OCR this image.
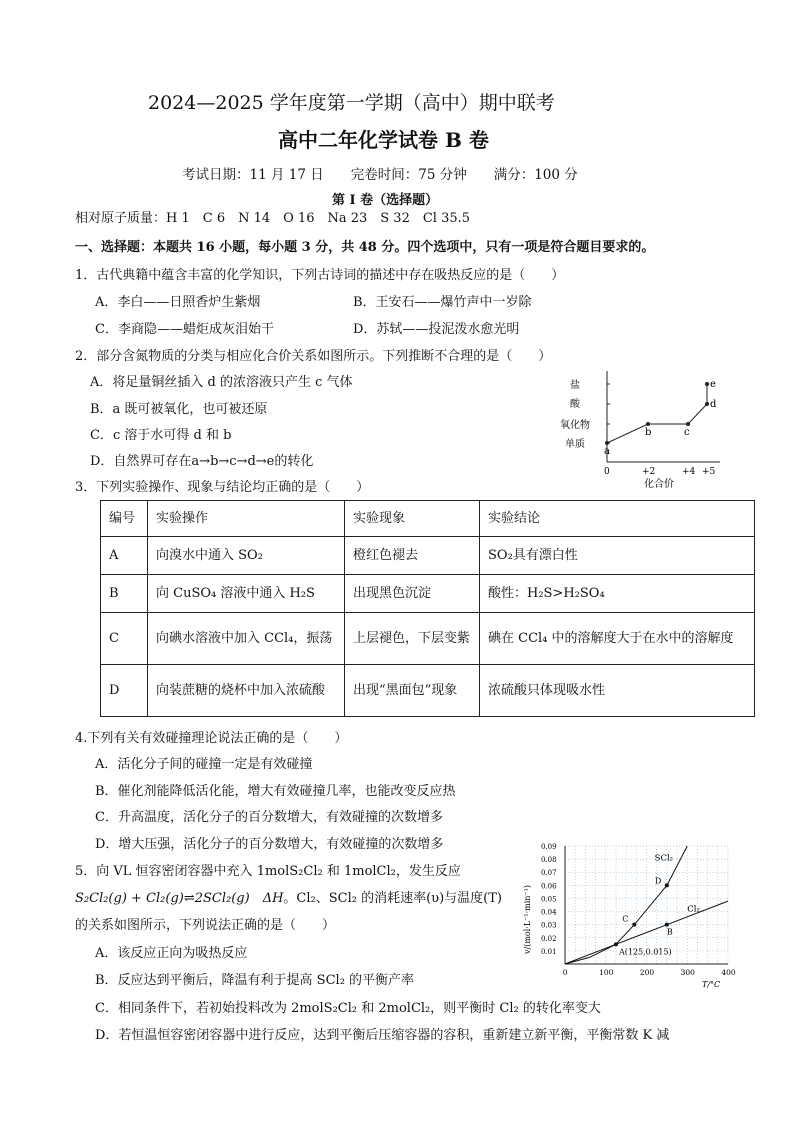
2024—2025 学年度第一学期（高中）期中联考
高中二年化学试卷 B 卷
考试日期：11 月 17 日　　完卷时间：75 分钟　　满分：100 分
第 I 卷（选择题）
相对原子质量：H 1　C 6　N 14　O 16　Na 23　S 32　Cl 35.5
一、选择题：本题共 16 小题，每小题 3 分，共 48 分。四个选项中，只有一项是符合题目要求的。
1．古代典籍中蕴含丰富的化学知识，下列古诗词的描述中存在吸热反应的是（　　）
A．李白——日照香炉生紫烟	B．王安石——爆竹声中一岁除
C．李商隐——蜡炬成灰泪始干	D．苏轼——投泥泼水愈光明
2．部分含氮物质的分类与相应化合价关系如图所示。下列推断不合理的是（　　）
A．将足量铜丝插入 d 的浓溶液只产生 c 气体
B．a 既可被氧化，也可被还原
C．c 溶于水可得 d 和 b
D．自然界可存在a→b→c→d→e的转化
盐
酸
氧化物
单质
a
b	c
d
e
0	+2	+4 +5
化合价
3．下列实验操作、现象与结论均正确的是（　　）
编号	实验操作	实验现象	实验结论
A	向溴水中通入 SO₂	橙红色褪去	SO₂具有漂白性
B	向 CuSO₄ 溶液中通入 H₂S	出现黑色沉淀	酸性：H₂S>H₂SO₄
C	向碘水溶液中加入 CCl₄，振荡	上层褪色，下层变紫	碘在 CCl₄ 中的溶解度大于在水中的溶解度
D	向装蔗糖的烧杯中加入浓硫酸	出现“黑面包”现象	浓硫酸只体现吸水性
4.下列有关有效碰撞理论说法正确的是（　　）
A．活化分子间的碰撞一定是有效碰撞
B．催化剂能降低活化能，增大有效碰撞几率，也能改变反应热
C．升高温度，活化分子的百分数增大，有效碰撞的次数增多
D．增大压强，活化分子的百分数增大，有效碰撞的次数增多
5．向 VL 恒容密闭容器中充入 1molS₂Cl₂ 和 1molCl₂，发生反应
S₂Cl₂(g) + Cl₂(g)⇌2SCl₂(g)　ΔH。Cl₂、SCl₂ 的消耗速率(υ)与温度(T)
的关系如图所示，下列说法正确的是（　　）
A．该反应正向为吸热反应
B．反应达到平衡后，降温有利于提高 SCl₂ 的平衡产率
C．相同条件下，若初始投料改为 2molS₂Cl₂ 和 2molCl₂，则平衡时 Cl₂ 的转化率变大
D．若恒温恒容密闭容器中进行反应，达到平衡后压缩容器的容积，重新建立新平衡，平衡常数 K 减
0.01
0.02
0.03
0.04
0.05
0.06
0.07
0.08
0.09
0	100	200	300	400
T/°C
v/(mol·L⁻¹·min⁻¹)
SCl₂
Cl₂
A(125,0.015)
B
C
D
